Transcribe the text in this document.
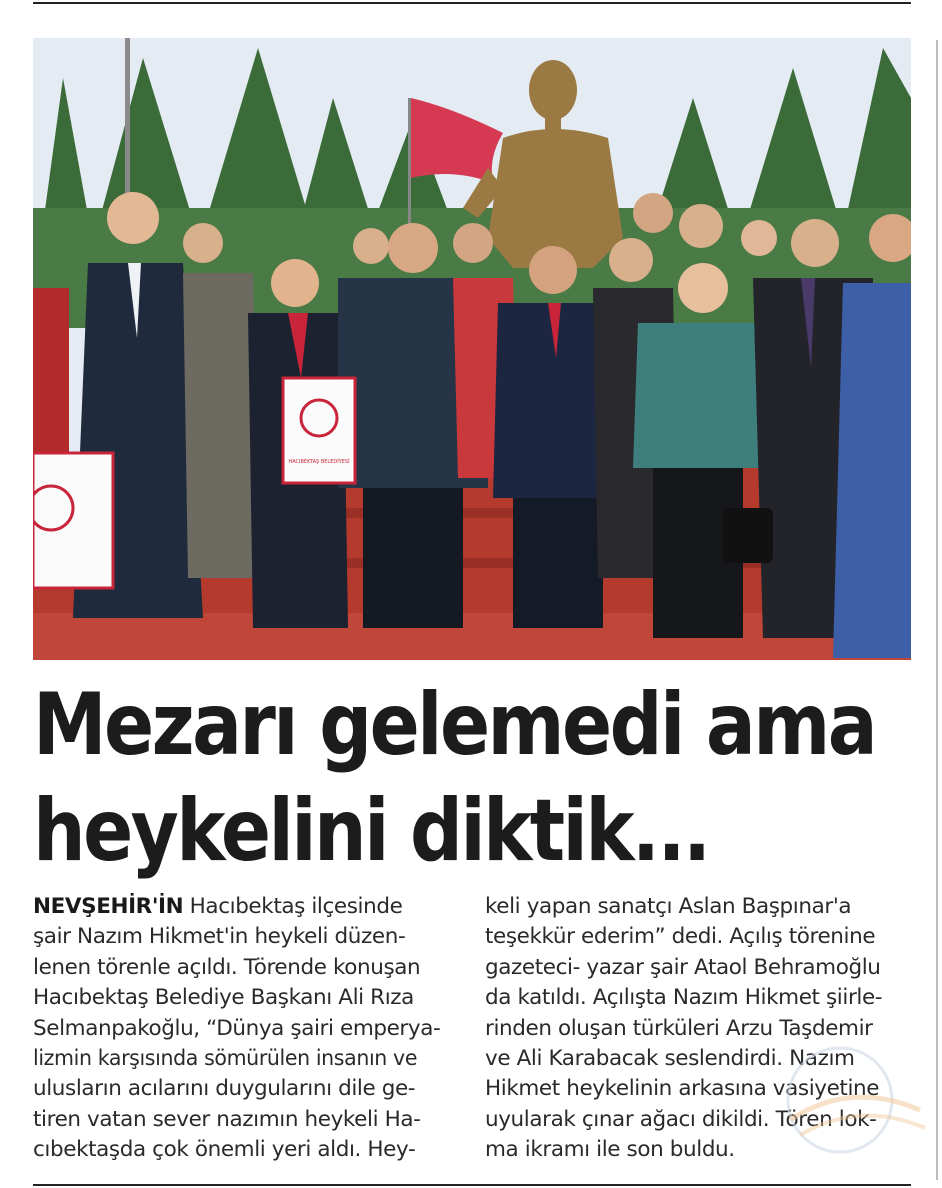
HACIBEKTAŞ BELEDİYESİ
Mezarı gelemedi ama
heykelini diktik...
NEVŞEHİR'İN Hacıbektaş ilçesinde
şair Nazım Hikmet'in heykeli düzen-
lenen törenle açıldı. Törende konuşan
Hacıbektaş Belediye Başkanı Ali Rıza
Selmanpakoğlu, “Dünya şairi emperya-
lizmin karşısında sömürülen insanın ve
ulusların acılarını duygularını dile ge-
tiren vatan sever nazımın heykeli Ha-
cıbektaşda çok önemli yeri aldı. Hey-
keli yapan sanatçı Aslan Başpınar'a
teşekkür ederim” dedi. Açılış törenine
gazeteci- yazar şair Ataol Behramoğlu
da katıldı. Açılışta Nazım Hikmet şiirle-
rinden oluşan türküleri Arzu Taşdemir
ve Ali Karabacak seslendirdi. Nazım
Hikmet heykelinin arkasına vasiyetine
uyularak çınar ağacı dikildi. Tören lok-
ma ikramı ile son buldu.
